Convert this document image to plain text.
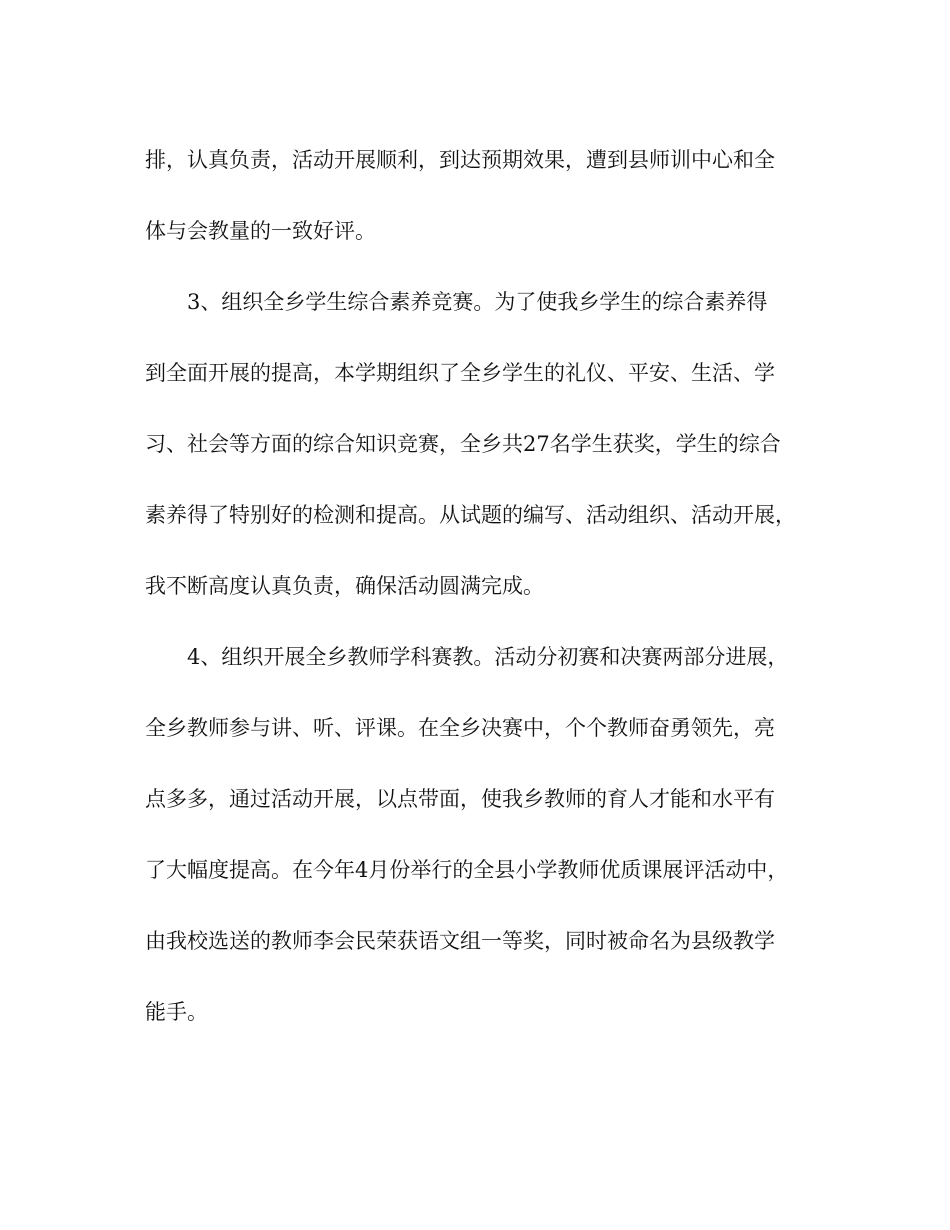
排，认真负责，活动开展顺利，到达预期效果，遭到县师训中心和全
体与会教量的一致好评。
3、组织全乡学生综合素养竞赛。为了使我乡学生的综合素养得
到全面开展的提高，本学期组织了全乡学生的礼仪、平安、生活、学
习、社会等方面的综合知识竞赛，全乡共27名学生获奖，学生的综合
素养得了特别好的检测和提高。从试题的编写、活动组织、活动开展，
我不断高度认真负责，确保活动圆满完成。
4、组织开展全乡教师学科赛教。活动分初赛和决赛两部分进展，
全乡教师参与讲、听、评课。在全乡决赛中，个个教师奋勇领先，亮
点多多，通过活动开展，以点带面，使我乡教师的育人才能和水平有
了大幅度提高。在今年4月份举行的全县小学教师优质课展评活动中，
由我校选送的教师李会民荣获语文组一等奖，同时被命名为县级教学
能手。
